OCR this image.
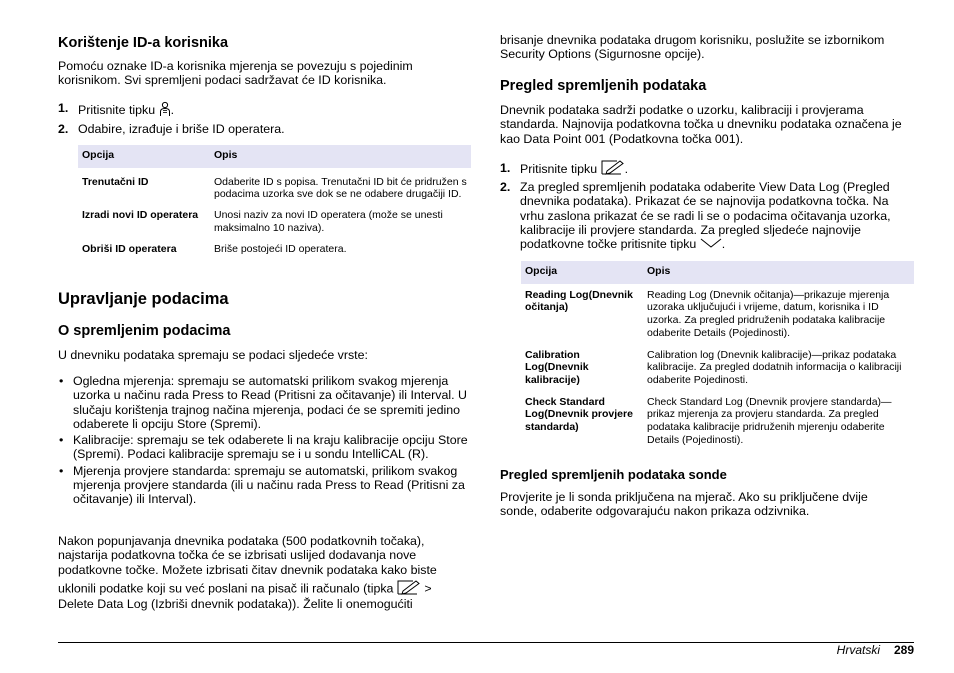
Korištenje ID-a korisnika

Pomoću oznake ID-a korisnika mjerenja se povezuju s pojedinim korisnikom. Svi spremljeni podaci sadržavat će ID korisnika.

1. Pritisnite tipku .
2. Odabire, izrađuje i briše ID operatera.
Opcija	Opis
Trenutačni ID	Odaberite ID s popisa. Trenutačni ID bit će pridružen s podacima uzorka sve dok se ne odabere drugačiji ID.
Izradi novi ID operatera	Unosi naziv za novi ID operatera (može se unesti maksimalno 10 naziva).
Obriši ID operatera	Briše postojeći ID operatera.
Upravljanje podacima
O spremljenim podacima

U dnevniku podataka spremaju se podaci sljedeće vrste:

• Ogledna mjerenja: spremaju se automatski prilikom svakog mjerenja uzorka u načinu rada Press to Read (Pritisni za očitavanje) ili Interval. U slučaju korištenja trajnog načina mjerenja, podaci će se spremiti jedino odaberete li opciju Store (Spremi).
• Kalibracije: spremaju se tek odaberete li na kraju kalibracije opciju Store (Spremi). Podaci kalibracije spremaju se i u sondu IntelliCAL (R).
• Mjerenja provjere standarda: spremaju se automatski, prilikom svakog mjerenja provjere standarda (ili u načinu rada Press to Read (Pritisni za očitavanje) ili Interval).

Nakon popunjavanja dnevnika podataka (500 podatkovnih točaka), najstarija podatkovna točka će se izbrisati uslijed dodavanja nove podatkovne točke. Možete izbrisati čitav dnevnik podataka kako biste

uklonili podatke koji su već poslani na pisač ili računalo (tipka >

Delete Data Log (Izbriši dnevnik podataka)). Želite li onemogućiti

brisanje dnevnika podataka drugom korisniku, poslužite se izbornikom Security Options (Sigurnosne opcije).

Pregled spremljenih podataka

Dnevnik podataka sadrži podatke o uzorku, kalibraciji i provjerama standarda. Najnovija podatkovna točka u dnevniku podataka označena je kao Data Point 001 (Podatkovna točka 001).

1. Pritisnite tipku .
2. Za pregled spremljenih podataka odaberite View Data Log (Pregled dnevnika podataka). Prikazat će se najnovija podatkovna točka. Na vrhu zaslona prikazat će se radi li se o podacima očitavanja uzorka, kalibracije ili provjere standarda. Za pregled sljedeće najnovije podatkovne točke pritisnite tipku .
Opcija	Opis
Reading Log(Dnevnik očitanja)	Reading Log (Dnevnik očitanja)—prikazuje mjerenja uzoraka uključujući i vrijeme, datum, korisnika i ID uzorka. Za pregled pridruženih podataka kalibracije odaberite Details (Pojedinosti).
Calibration Log(Dnevnik kalibracije)	Calibration log (Dnevnik kalibracije)—prikaz podataka kalibracije. Za pregled dodatnih informacija o kalibraciji odaberite Pojedinosti.
Check Standard Log(Dnevnik provjere standarda)	Check Standard Log (Dnevnik provjere standarda)—prikaz mjerenja za provjeru standarda. Za pregled podataka kalibracije pridruženih mjerenju odaberite Details (Pojedinosti).
Pregled spremljenih podataka sonde

Provjerite je li sonda priključena na mjerač. Ako su priključene dvije sonde, odaberite odgovarajuću nakon prikaza odzivnika.

Hrvatski 289
